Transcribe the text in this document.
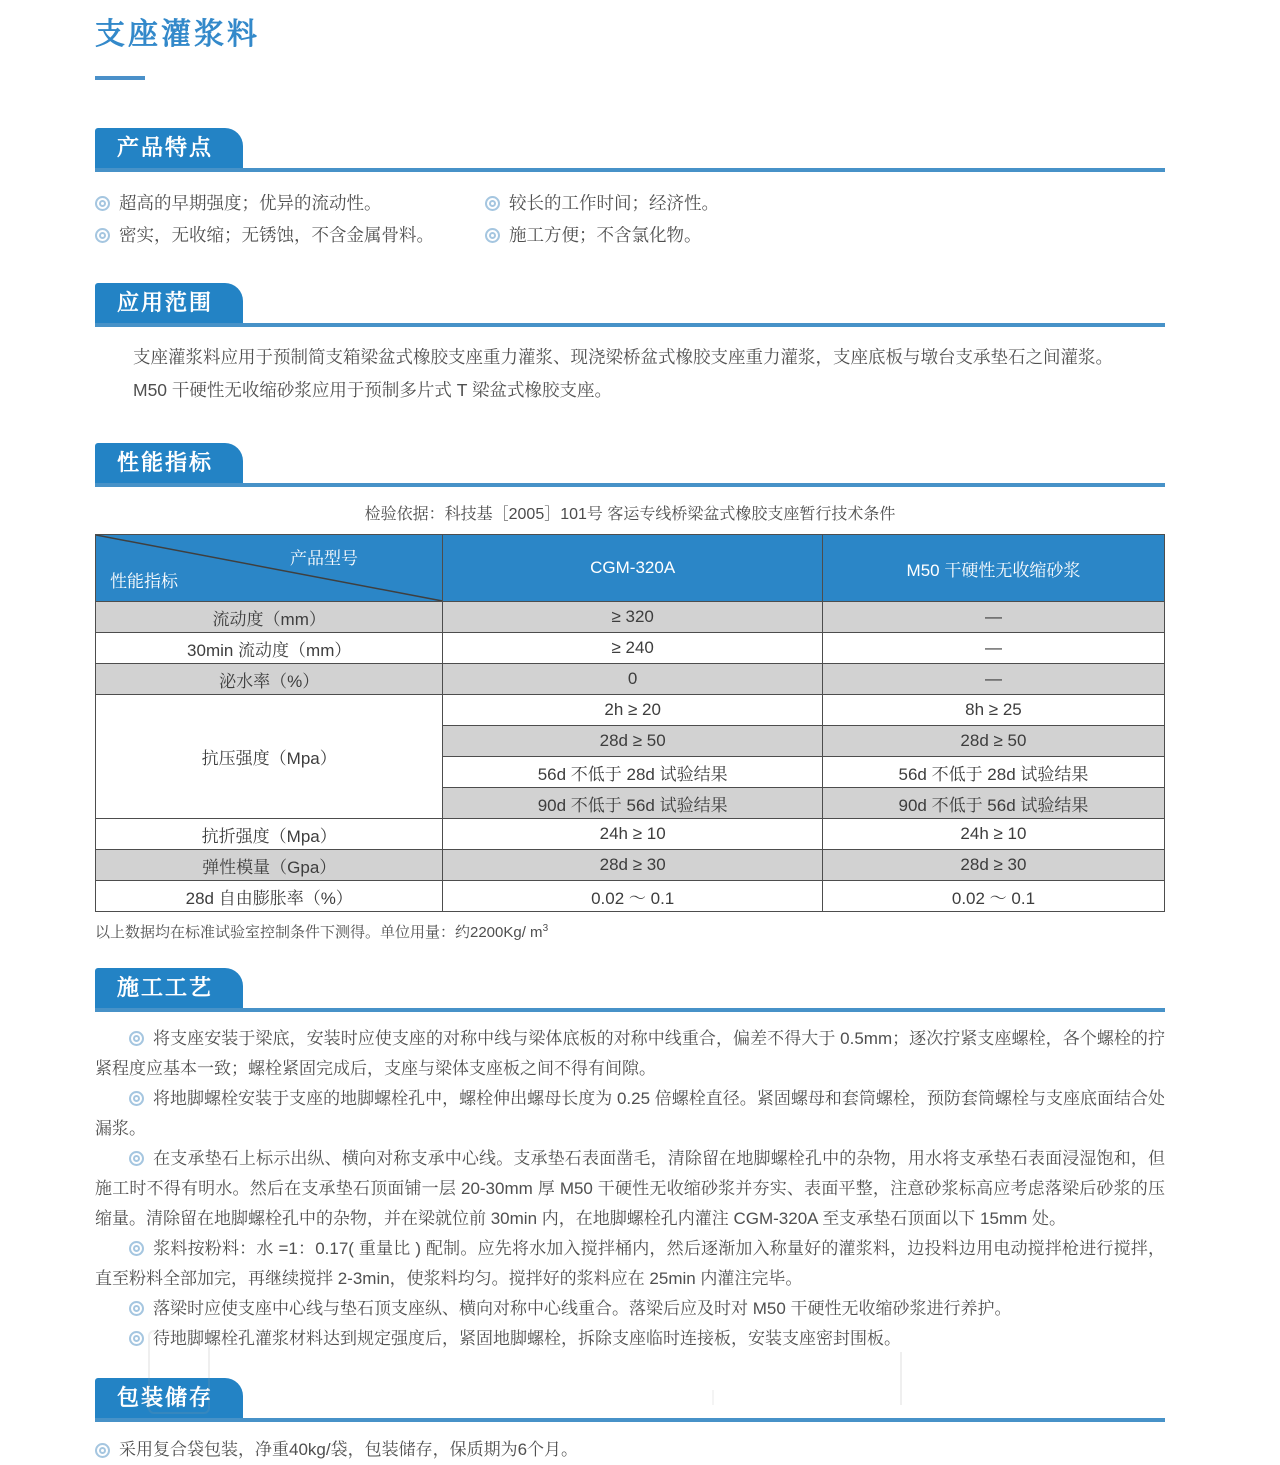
支座灌浆料
产品特点
超高的早期强度；优异的流动性。	较长的工作时间；经济性。
密实，无收缩；无锈蚀，不含金属骨料。	施工方便；不含氯化物。
应用范围

支座灌浆料应用于预制简支箱梁盆式橡胶支座重力灌浆、现浇梁桥盆式橡胶支座重力灌浆，支座底板与墩台支承垫石之间灌浆。

M50 干硬性无收缩砂浆应用于预制多片式 T 梁盆式橡胶支座。

性能指标
检验依据：科技基［2005］101号 客运专线桥梁盆式橡胶支座暂行技术条件
产品型号
性能指标	CGM-320A	M50 干硬性无收缩砂浆
流动度（mm）	≥ 320	—
30min 流动度（mm）	≥ 240	—
泌水率（%）	0	—
抗压强度（Mpa）	2h ≥ 20	8h ≥ 25
	28d ≥ 50	28d ≥ 50
	56d 不低于 28d 试验结果	56d 不低于 28d 试验结果
	90d 不低于 56d 试验结果	90d 不低于 56d 试验结果
抗折强度（Mpa）	24h ≥ 10	24h ≥ 10
弹性模量（Gpa）	28d ≥ 30	28d ≥ 30
28d 自由膨胀率（%）	0.02 ～ 0.1	0.02 ～ 0.1
以上数据均在标准试验室控制条件下测得。单位用量：约2200Kg/ $m^3$
施工工艺

将支座安装于梁底，安装时应使支座的对称中线与梁体底板的对称中线重合，偏差不得大于 0.5mm；逐次拧紧支座螺栓，各个螺栓的拧紧程度应基本一致；螺栓紧固完成后，支座与梁体支座板之间不得有间隙。

将地脚螺栓安装于支座的地脚螺栓孔中，螺栓伸出螺母长度为 0.25 倍螺栓直径。紧固螺母和套筒螺栓，预防套筒螺栓与支座底面结合处漏浆。

在支承垫石上标示出纵、横向对称支承中心线。支承垫石表面凿毛，清除留在地脚螺栓孔中的杂物，用水将支承垫石表面浸湿饱和，但施工时不得有明水。然后在支承垫石顶面铺一层 20-30mm 厚 M50 干硬性无收缩砂浆并夯实、表面平整，注意砂浆标高应考虑落梁后砂浆的压缩量。清除留在地脚螺栓孔中的杂物，并在梁就位前 30min 内，在地脚螺栓孔内灌注 CGM-320A 至支承垫石顶面以下 15mm 处。

浆料按粉料：水 =1：0.17( 重量比 ) 配制。应先将水加入搅拌桶内，然后逐渐加入称量好的灌浆料，边投料边用电动搅拌枪进行搅拌，直至粉料全部加完，再继续搅拌 2-3min，使浆料均匀。搅拌好的浆料应在 25min 内灌注完毕。

落梁时应使支座中心线与垫石顶支座纵、横向对称中心线重合。落梁后应及时对 M50 干硬性无收缩砂浆进行养护。

待地脚螺栓孔灌浆材料达到规定强度后，紧固地脚螺栓，拆除支座临时连接板，安装支座密封围板。

包装储存
采用复合袋包装，净重40kg/袋，包装储存，保质期为6个月。
